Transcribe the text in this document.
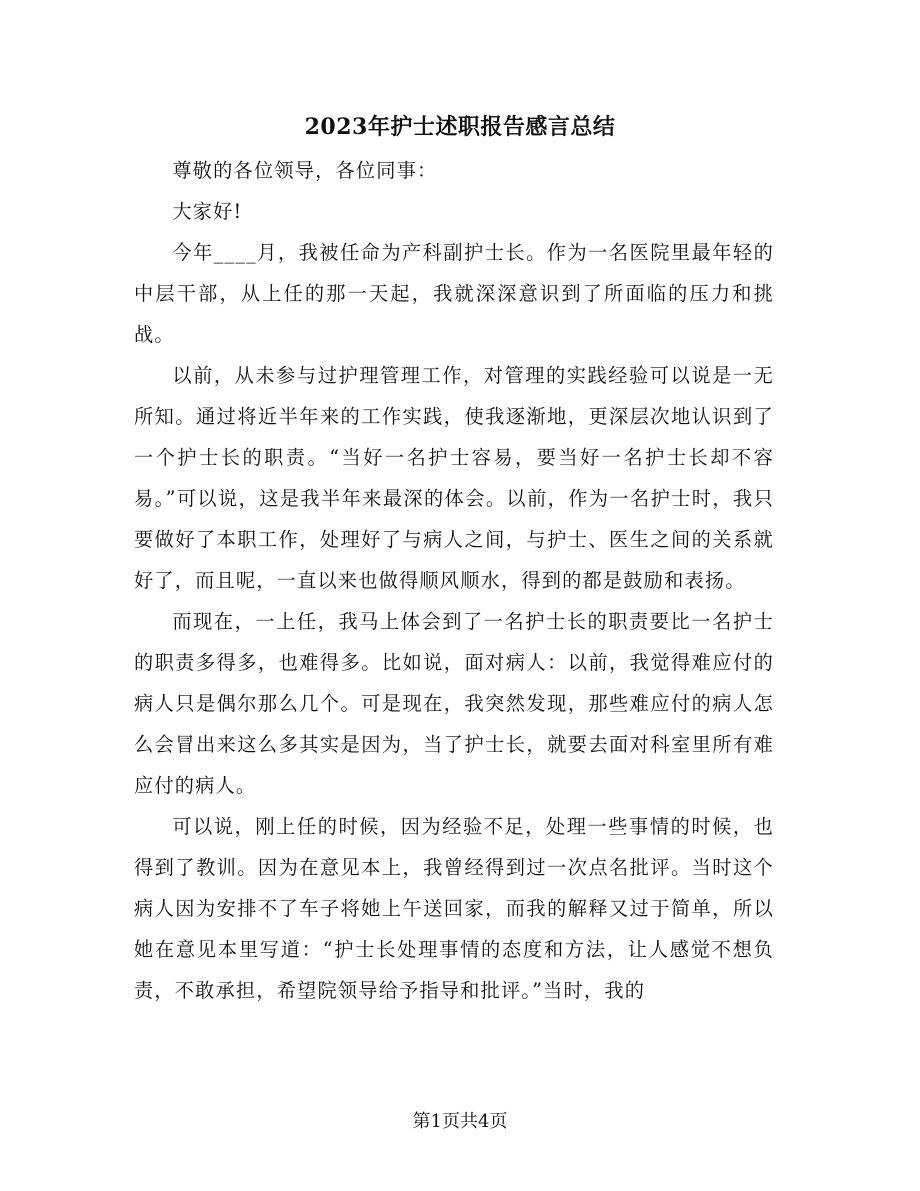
2023年护士述职报告感言总结

尊敬的各位领导，各位同事：

大家好!

今年____月，我被任命为产科副护士长。作为一名医院里最年轻的中层干部，从上任的那一天起，我就深深意识到了所面临的压力和挑战。

以前，从未参与过护理管理工作，对管理的实践经验可以说是一无所知。通过将近半年来的工作实践，使我逐渐地，更深层次地认识到了一个护士长的职责。“当好一名护士容易，要当好一名护士长却不容易。”可以说，这是我半年来最深的体会。以前，作为一名护士时，我只要做好了本职工作，处理好了与病人之间，与护士、医生之间的关系就好了，而且呢，一直以来也做得顺风顺水，得到的都是鼓励和表扬。

而现在，一上任，我马上体会到了一名护士长的职责要比一名护士的职责多得多，也难得多。比如说，面对病人：以前，我觉得难应付的病人只是偶尔那么几个。可是现在，我突然发现，那些难应付的病人怎么会冒出来这么多其实是因为，当了护士长，就要去面对科室里所有难应付的病人。

可以说，刚上任的时候，因为经验不足，处理一些事情的时候，也得到了教训。因为在意见本上，我曾经得到过一次点名批评。当时这个病人因为安排不了车子将她上午送回家，而我的解释又过于简单，所以她在意见本里写道：“护士长处理事情的态度和方法，让人感觉不想负责，不敢承担，希望院领导给予指导和批评。”当时，我的

第1页共4页
